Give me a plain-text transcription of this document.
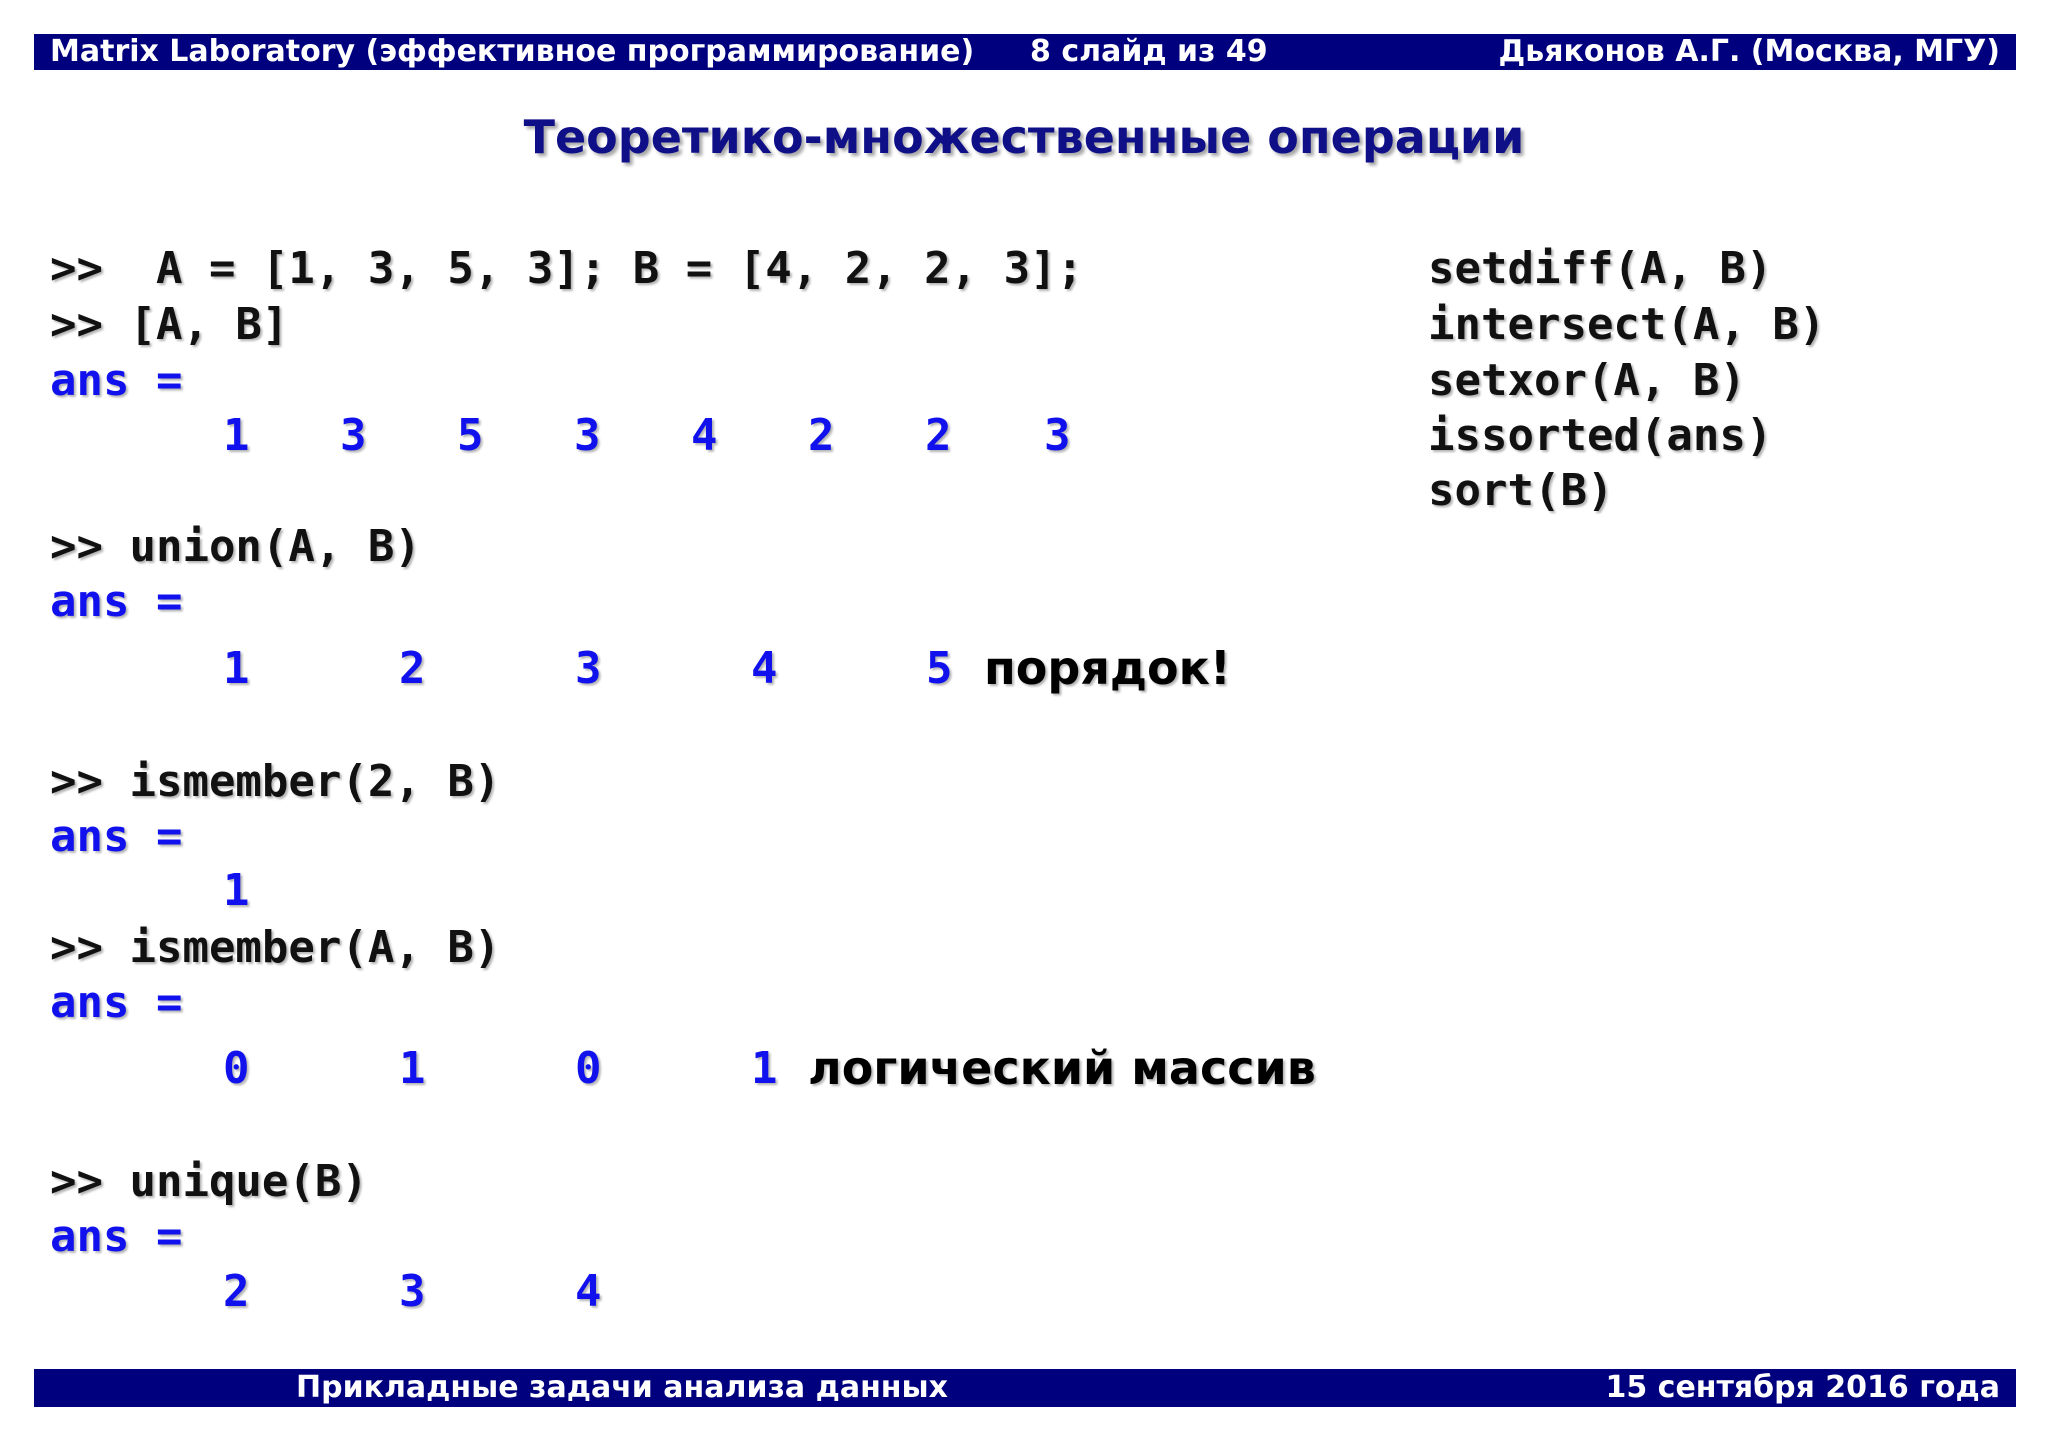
Matrix Laboratory (эффективное программирование) 8 слайд из 49	Дьяконов А.Г. (Москва, МГУ)
Теоретико-множественные операции
>>  A = [1, 3, 5, 3]; B = [4, 2, 2, 3];
>> [A, B]
ans =
1 3 5 3 4 2 2 3
>> union(A, B)
ans =
1	2	3	4	5 порядок!
>> ismember(2, B)
ans =
1
>> ismember(A, B)
ans =
0	1	0	1 логический массив
>> unique(B)
ans =
2	3	4
setdiff(A, B)
intersect(A, B)
setxor(A, B)
issorted(ans)
sort(B)
Прикладные задачи анализа данных	15 сентября 2016 года
